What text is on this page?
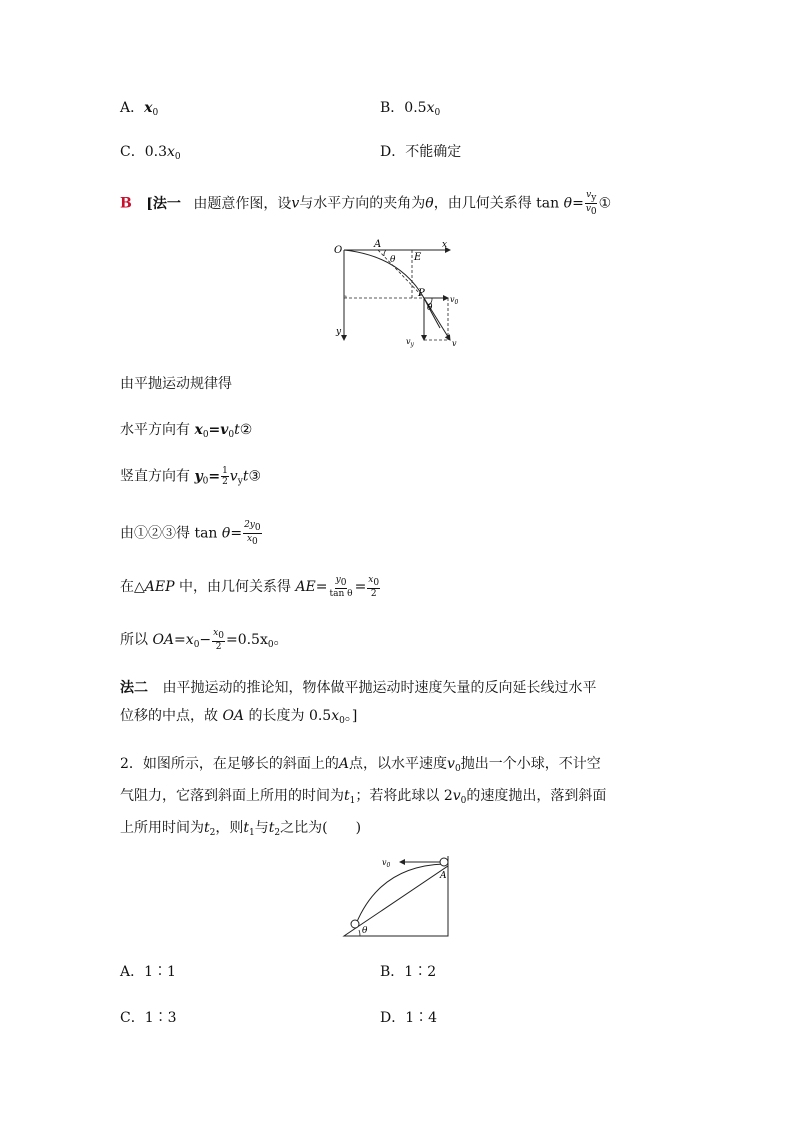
A．$x_0$	B．$0.5x_0$
C．$0.3x_0$	D．不能确定
B [法一 由题意作图，设v与水平方向的夹角为θ，由几何关系得 $\tan \theta= \frac{v_y}{v_0}$ ①
O
A
E
x
P
θ
θ
$v_0$
y
$v_y$	v
由平抛运动规律得
水平方向有 $x_0=v_0t②$
竖直方向有 $y_0= \frac{1}{2}$ $v_yt③$
由①②③得 $\tan \theta= \frac{2y_0}{x_0}$
在△AEP 中，由几何关系得 $AE= \frac{y_0}{\text{tan θ}} = \frac{x_0}{2}$
所以 $OA=x_0- \frac{x_0}{2} =0.5x_0$。
法二 由平抛运动的推论知，物体做平抛运动时速度矢量的反向延长线过水平
位移的中点，故 OA 的长度为 $0.5x_0$。]
2．如图所示，在足够长的斜面上的A点，以水平速度$v_0$抛出一个小球，不计空
气阻力，它落到斜面上所用的时间为$t_1$；若将此球以 $2v_0$的速度抛出，落到斜面
上所用时间为$t_2$，则$t_1$与$t_2$之比为(　　)
$v_0$
A
θ
A．1∶1	B．1∶2
C．1∶3	D．1∶4
